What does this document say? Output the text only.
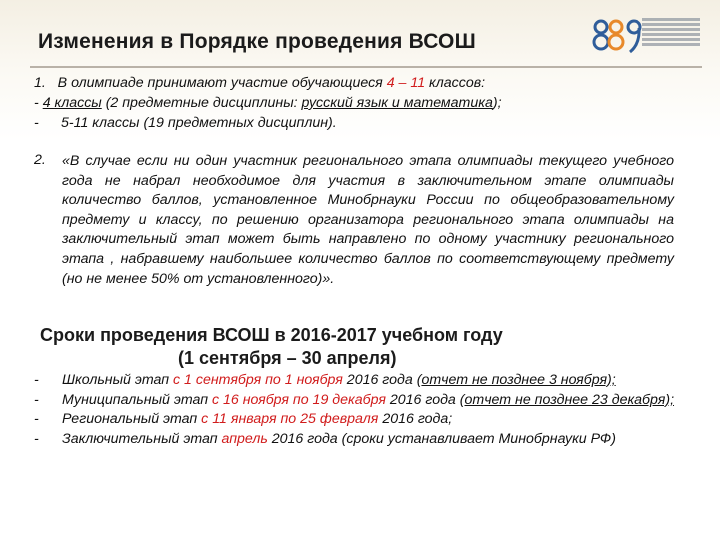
Изменения в Порядке проведения ВСОШ
1. В олимпиаде принимают участие обучающиеся 4 – 11 классов:
- 4 классы (2 предметные дисциплины: русский язык и математика);
- 5-11 классы (19 предметных дисциплин).
2. «В случае если ни один участник регионального этапа олимпиады текущего учебного года не набрал необходимое для участия в заключительном этапе олимпиады количество баллов, установленное Минобрнауки России по общеобразовательному предмету и классу, по решению организатора регионального этапа олимпиады на заключительный этап может быть направлено по одному участнику регионального этапа , набравшему наибольшее количество баллов по соответствующему предмету (но не менее 50% от установленного)».
Сроки проведения ВСОШ в 2016-2017 учебном году
(1 сентября – 30 апреля)
- Школьный этап с 1 сентября по 1 ноября 2016 года (отчет не позднее 3 ноября);
- Муниципальный этап с 16 ноября по 19 декабря 2016 года (отчет не позднее 23 декабря);
- Региональный этап с 11 января по 25 февраля 2016 года;
- Заключительный этап апрель 2016 года (сроки устанавливает Минобрнауки РФ)
